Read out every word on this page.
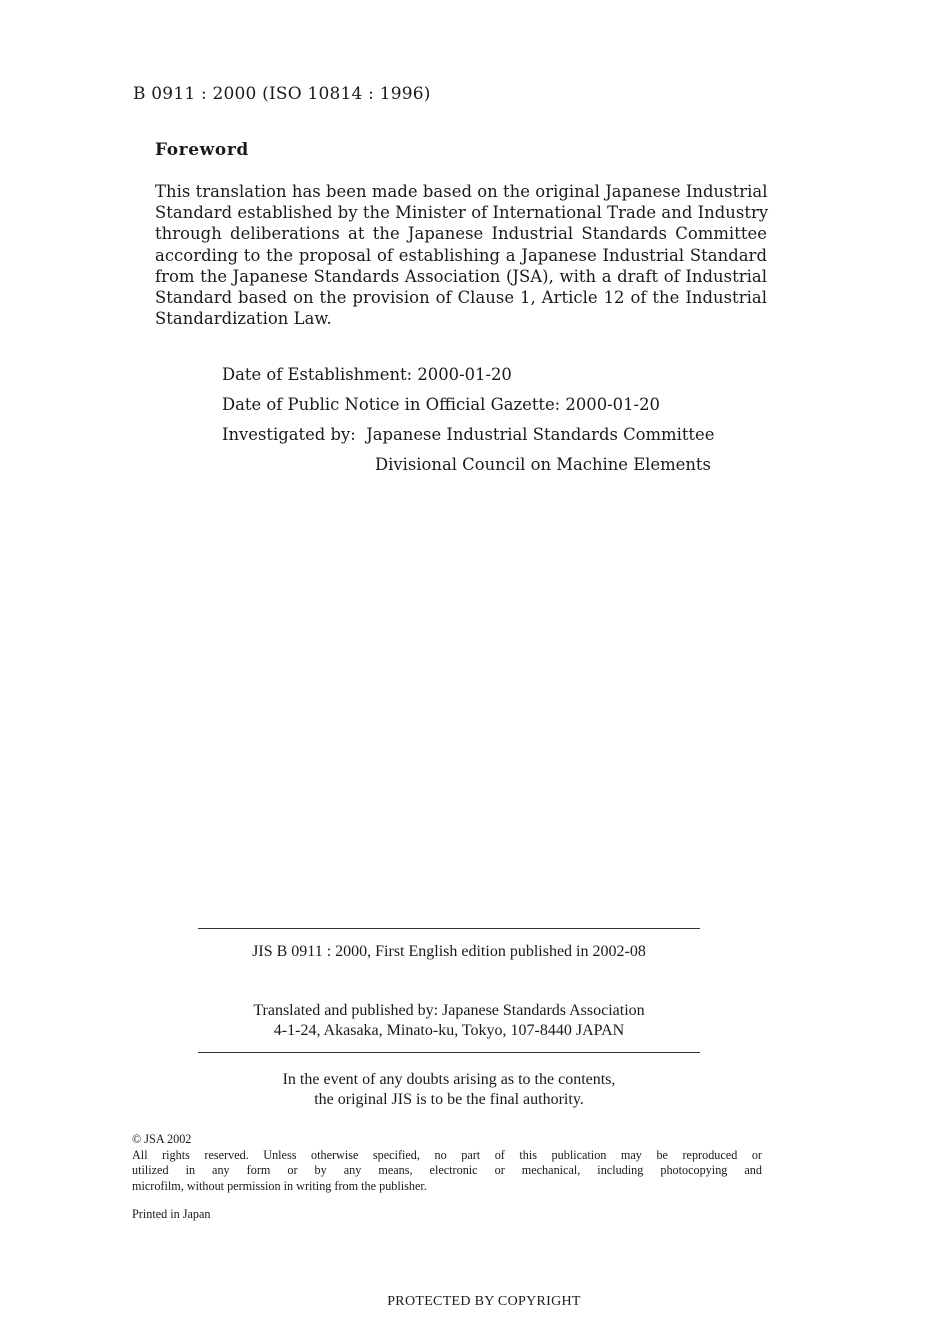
B 0911 : 2000 (ISO 10814 : 1996)
Foreword
This translation has been made based on the original Japanese Industrial
Standard established by the Minister of International Trade and Industry
through deliberations at the Japanese Industrial Standards Committee
according to the proposal of establishing a Japanese Industrial Standard
from the Japanese Standards Association (JSA), with a draft of Industrial
Standard based on the provision of Clause 1, Article 12 of the Industrial
Standardization Law.
Date of Establishment: 2000-01-20
Date of Public Notice in Official Gazette: 2000-01-20
Investigated by: Japanese Industrial Standards Committee
Divisional Council on Machine Elements
JIS B 0911 : 2000, First English edition published in 2002-08
Translated and published by: Japanese Standards Association
4-1-24, Akasaka, Minato-ku, Tokyo, 107-8440 JAPAN
In the event of any doubts arising as to the contents,
the original JIS is to be the final authority.
© JSA 2002
All rights reserved. Unless otherwise specified, no part of this publication may be reproduced or
utilized in any form or by any means, electronic or mechanical, including photocopying and
microfilm, without permission in writing from the publisher.
Printed in Japan
PROTECTED BY COPYRIGHT
